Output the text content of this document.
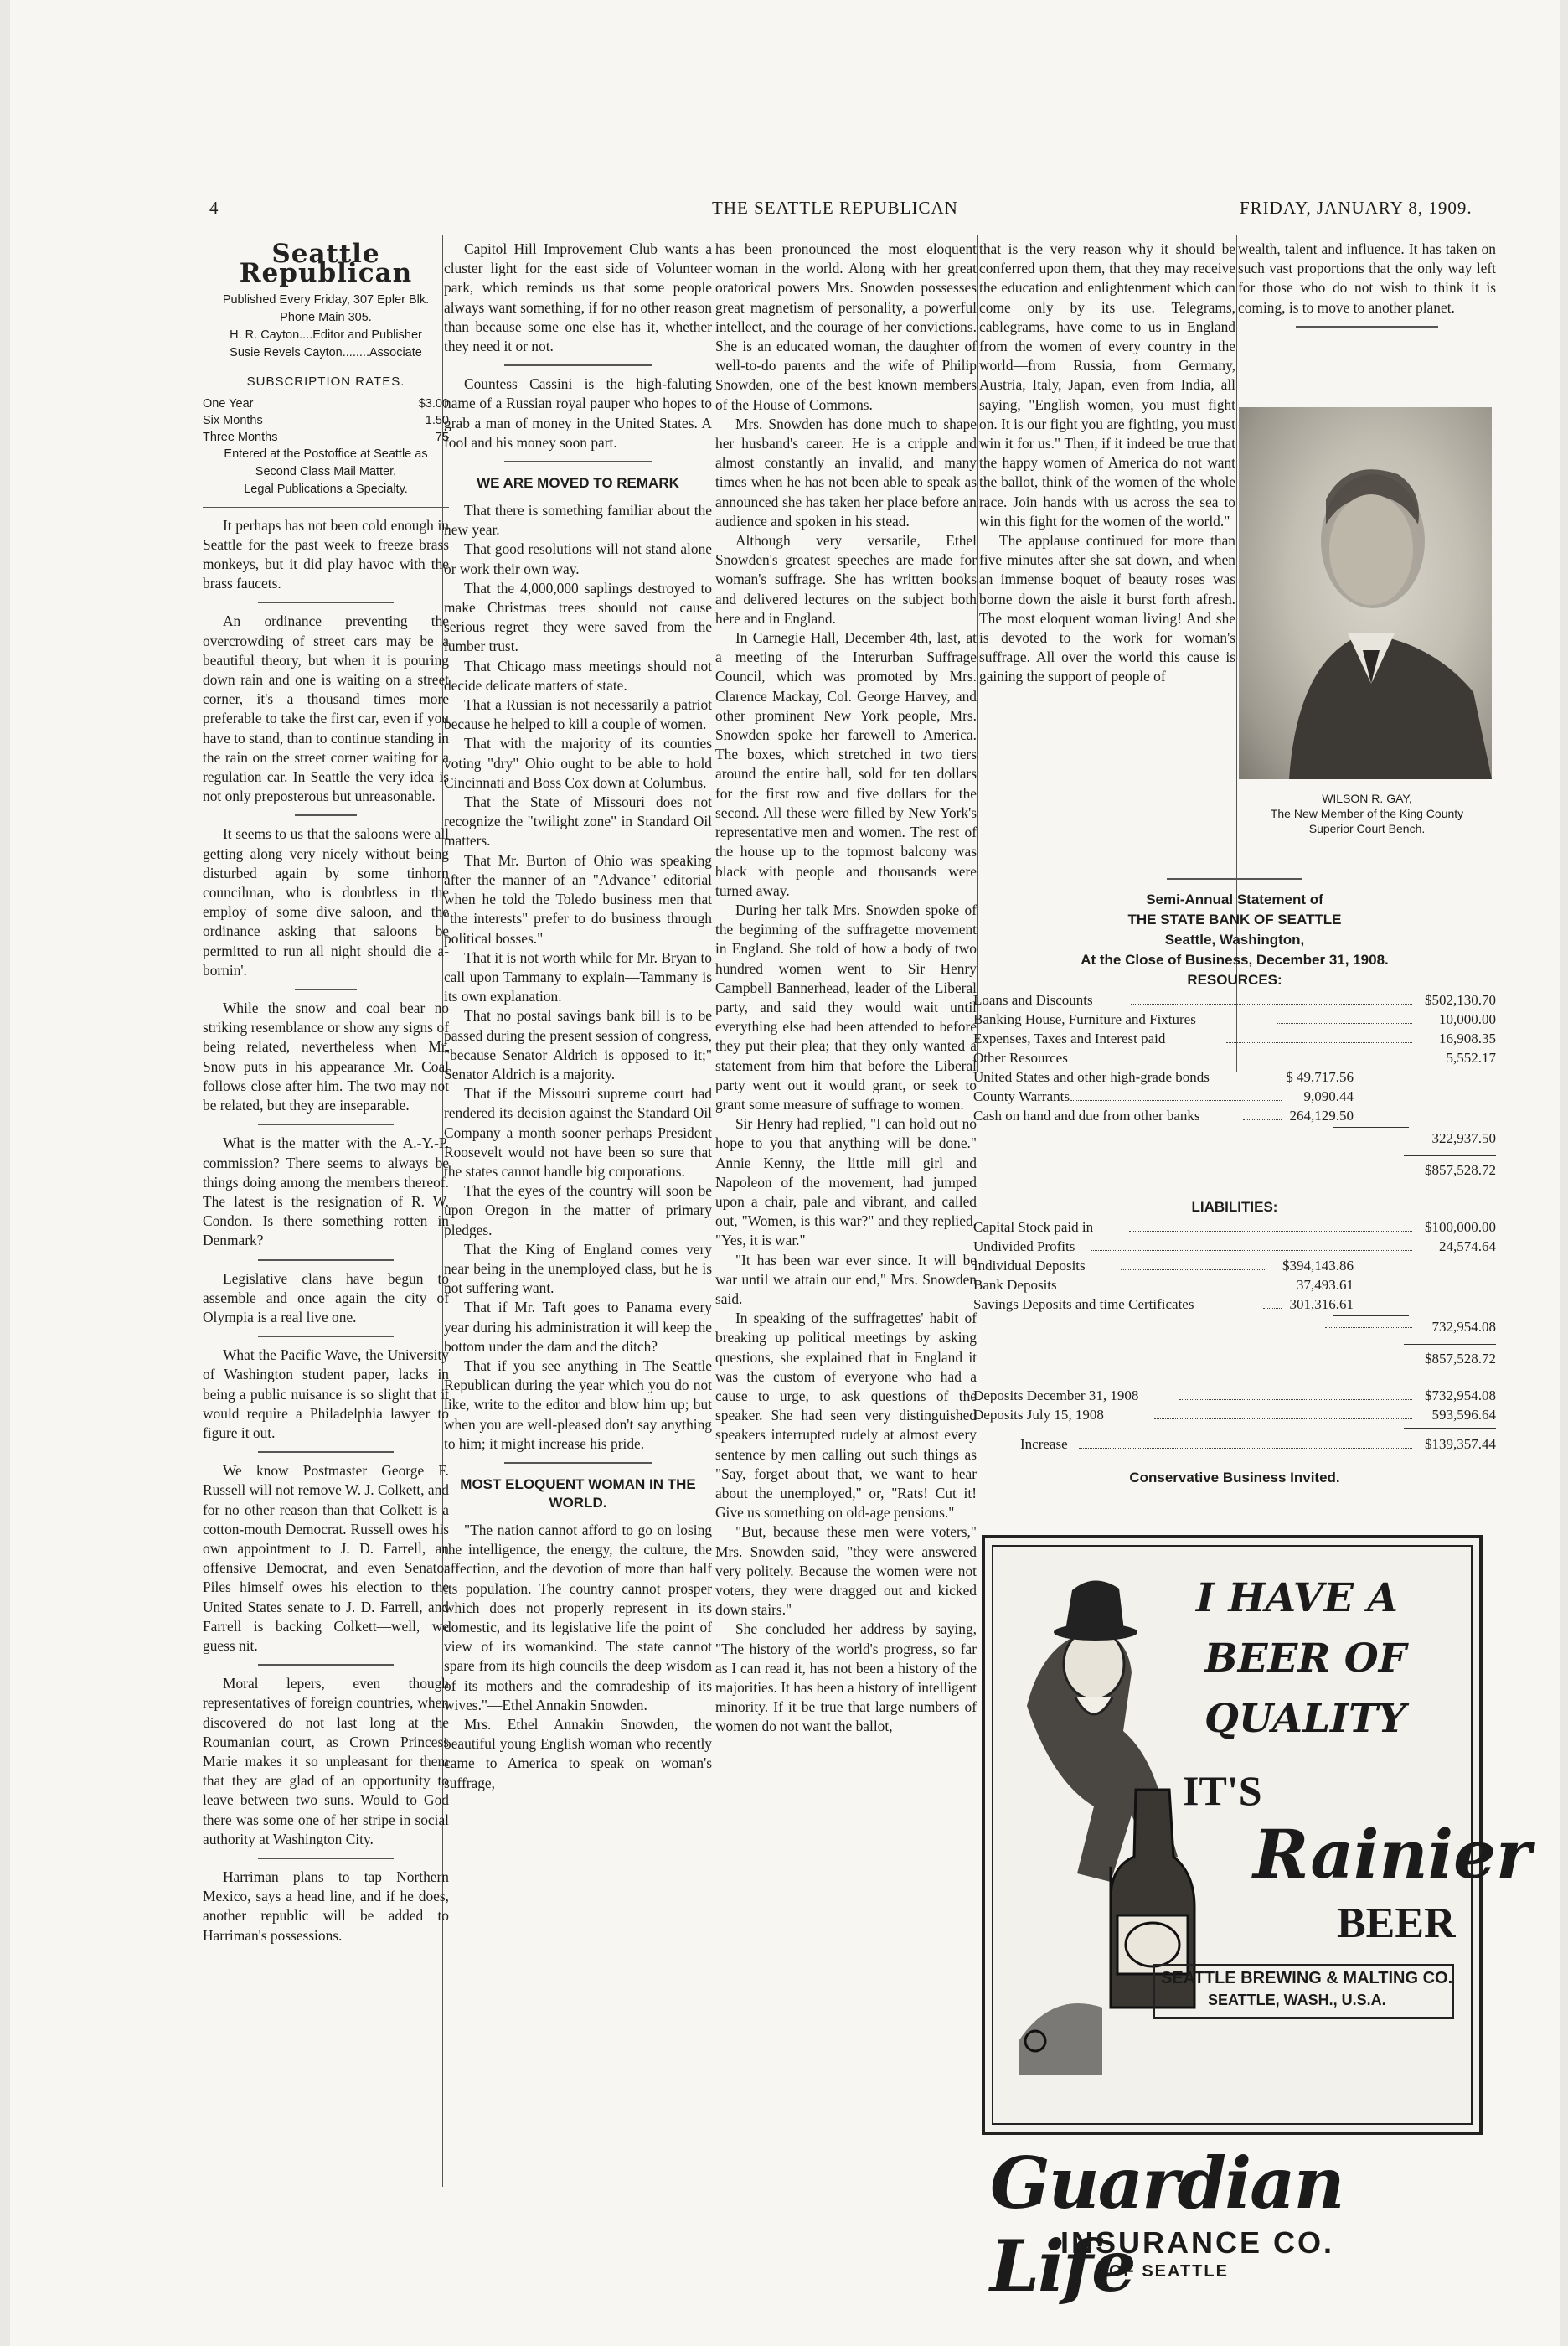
4	THE SEATTLE REPUBLICAN	FRIDAY, JANUARY 8, 1909.
Seattle Republican
Published Every Friday, 307 Epler Blk.
Phone Main 305.
H. R. Cayton....Editor and Publisher
Susie Revels Cayton........Associate
SUBSCRIPTION RATES.
One Year	$3.00
Six Months	1.50
Three Months	75
Entered at the Postoffice at Seattle as
Second Class Mail Matter.
Legal Publications a Specialty.

It perhaps has not been cold enough in Seattle for the past week to freeze brass monkeys, but it did play havoc with the brass faucets.

An ordinance preventing the overcrowding of street cars may be a beautiful theory, but when it is pouring down rain and one is waiting on a street corner, it's a thousand times more preferable to take the first car, even if you have to stand, than to continue standing in the rain on the street corner waiting for a regulation car. In Seattle the very idea is not only preposterous but unreasonable.

It seems to us that the saloons were all getting along very nicely without being disturbed again by some tinhorn councilman, who is doubtless in the employ of some dive saloon, and the ordinance asking that saloons be permitted to run all night should die a-bornin'.

While the snow and coal bear no striking resemblance or show any signs of being related, nevertheless when Mr. Snow puts in his appearance Mr. Coal follows close after him. The two may not be related, but they are inseparable.

What is the matter with the A.-Y.-P. commission? There seems to always be things doing among the members thereof. The latest is the resignation of R. W. Condon. Is there something rotten in Denmark?

Legislative clans have begun to assemble and once again the city of Olympia is a real live one.

What the Pacific Wave, the University of Washington student paper, lacks in being a public nuisance is so slight that it would require a Philadelphia lawyer to figure it out.

We know Postmaster George F. Russell will not remove W. J. Colkett, and for no other reason than that Colkett is a cotton-mouth Democrat. Russell owes his own appointment to J. D. Farrell, an offensive Democrat, and even Senator Piles himself owes his election to the United States senate to J. D. Farrell, and Farrell is backing Colkett—well, we guess nit.

Moral lepers, even though representatives of foreign countries, when discovered do not last long at the Roumanian court, as Crown Princess Marie makes it so unpleasant for them that they are glad of an opportunity to leave between two suns. Would to God there was some one of her stripe in social authority at Washington City.

Harriman plans to tap Northern Mexico, says a head line, and if he does, another republic will be added to Harriman's possessions.

Capitol Hill Improvement Club wants a cluster light for the east side of Volunteer park, which reminds us that some people always want something, if for no other reason than because some one else has it, whether they need it or not.

Countess Cassini is the high-faluting name of a Russian royal pauper who hopes to grab a man of money in the United States. A fool and his money soon part.

WE ARE MOVED TO REMARK

That there is something familiar about the new year.

That good resolutions will not stand alone or work their own way.

That the 4,000,000 saplings destroyed to make Christmas trees should not cause serious regret—they were saved from the lumber trust.

That Chicago mass meetings should not decide delicate matters of state.

That a Russian is not necessarily a patriot because he helped to kill a couple of women.

That with the majority of its counties voting "dry" Ohio ought to be able to hold Cincinnati and Boss Cox down at Columbus.

That the State of Missouri does not recognize the "twilight zone" in Standard Oil matters.

That Mr. Burton of Ohio was speaking after the manner of an "Advance" editorial when he told the Toledo business men that "the interests" prefer to do business through political bosses."

That it is not worth while for Mr. Bryan to call upon Tammany to explain—Tammany is its own explanation.

That no postal savings bank bill is to be passed during the present session of congress, "because Senator Aldrich is opposed to it;" Senator Aldrich is a majority.

That if the Missouri supreme court had rendered its decision against the Standard Oil Company a month sooner perhaps President Roosevelt would not have been so sure that the states cannot handle big corporations.

That the eyes of the country will soon be upon Oregon in the matter of primary pledges.

That the King of England comes very near being in the unemployed class, but he is not suffering want.

That if Mr. Taft goes to Panama every year during his administration it will keep the bottom under the dam and the ditch?

That if you see anything in The Seattle Republican during the year which you do not like, write to the editor and blow him up; but when you are well-pleased don't say anything to him; it might increase his pride.

MOST ELOQUENT WOMAN IN THE WORLD.

"The nation cannot afford to go on losing the intelligence, the energy, the culture, the affection, and the devotion of more than half its population. The country cannot prosper which does not properly represent in its domestic, and its legislative life the point of view of its womankind. The state cannot spare from its high councils the deep wisdom of its mothers and the comradeship of its wives."—Ethel Annakin Snowden.

Mrs. Ethel Annakin Snowden, the beautiful young English woman who recently came to America to speak on woman's suffrage,

has been pronounced the most eloquent woman in the world. Along with her great oratorical powers Mrs. Snowden possesses great magnetism of personality, a powerful intellect, and the courage of her convictions. She is an educated woman, the daughter of well-to-do parents and the wife of Philip Snowden, one of the best known members of the House of Commons.

Mrs. Snowden has done much to shape her husband's career. He is a cripple and almost constantly an invalid, and many times when he has not been able to speak as announced she has taken her place before an audience and spoken in his stead.

Although very versatile, Ethel Snowden's greatest speeches are made for woman's suffrage. She has written books and delivered lectures on the subject both here and in England.

In Carnegie Hall, December 4th, last, at a meeting of the Interurban Suffrage Council, which was promoted by Mrs. Clarence Mackay, Col. George Harvey, and other prominent New York people, Mrs. Snowden spoke her farewell to America. The boxes, which stretched in two tiers around the entire hall, sold for ten dollars for the first row and five dollars for the second. All these were filled by New York's representative men and women. The rest of the house up to the topmost balcony was black with people and thousands were turned away.

During her talk Mrs. Snowden spoke of the beginning of the suffragette movement in England. She told of how a body of two hundred women went to Sir Henry Campbell Bannerhead, leader of the Liberal party, and said they would wait until everything else had been attended to before they put their plea; that they only wanted a statement from him that before the Liberal party went out it would grant, or seek to grant some measure of suffrage to women.

Sir Henry had replied, "I can hold out no hope to you that anything will be done." Annie Kenny, the little mill girl and Napoleon of the movement, had jumped upon a chair, pale and vibrant, and called out, "Women, is this war?" and they replied, "Yes, it is war."

"It has been war ever since. It will be war until we attain our end," Mrs. Snowden said.

In speaking of the suffragettes' habit of breaking up political meetings by asking questions, she explained that in England it was the custom of everyone who had a cause to urge, to ask questions of the speaker. She had seen very distinguished speakers interrupted rudely at almost every sentence by men calling out such things as "Say, forget about that, we want to hear about the unemployed," or, "Rats! Cut it! Give us something on old-age pensions."

"But, because these men were voters," Mrs. Snowden said, "they were answered very politely. Because the women were not voters, they were dragged out and kicked down stairs."

She concluded her address by saying, "The history of the world's progress, so far as I can read it, has not been a history of the majorities. It has been a history of intelligent minority. If it be true that large numbers of women do not want the ballot,

that is the very reason why it should be conferred upon them, that they may receive the education and enlightenment which can come only by its use. Telegrams, cablegrams, have come to us in England from the women of every country in the world—from Russia, from Germany, Austria, Italy, Japan, even from India, all saying, "English women, you must fight on. It is our fight you are fighting, you must win it for us." Then, if it indeed be true that the happy women of America do not want the ballot, think of the women of the whole race. Join hands with us across the sea to win this fight for the women of the world."

The applause continued for more than five minutes after she sat down, and when an immense boquet of beauty roses was borne down the aisle it burst forth afresh. The most eloquent woman living! And she is devoted to the work for woman's suffrage. All over the world this cause is gaining the support of people of

wealth, talent and influence. It has taken on such vast proportions that the only way left for those who do not wish to think it is coming, is to move to another planet.

WILSON R. GAY,
The New Member of the King County
Superior Court Bench.
Semi-Annual Statement of
THE STATE BANK OF SEATTLE
Seattle, Washington,
At the Close of Business, December 31, 1908.
RESOURCES:
Loans and Discounts	$502,130.70
Banking House, Furniture and Fixtures	10,000.00
Expenses, Taxes and Interest paid	16,908.35
Other Resources	5,552.17
United States and other high-grade bonds	$ 49,717.56
County Warrants	9,090.44
Cash on hand and due from other banks	264,129.50
322,937.50
$857,528.72
LIABILITIES:
Capital Stock paid in	$100,000.00
Undivided Profits	24,574.64
Individual Deposits	$394,143.86
Bank Deposits	37,493.61
Savings Deposits and time Certificates	301,316.61
732,954.08
$857,528.72
Deposits December 31, 1908	$732,954.08
Deposits July 15, 1908	593,596.64
Increase	$139,357.44
Conservative Business Invited.
I HAVE A
BEER OF
QUALITY
IT'S
Rainier
BEER
SEATTLE BREWING & MALTING CO.
SEATTLE, WASH., U.S.A.
Guardian Life
INSURANCE CO.
OF SEATTLE
